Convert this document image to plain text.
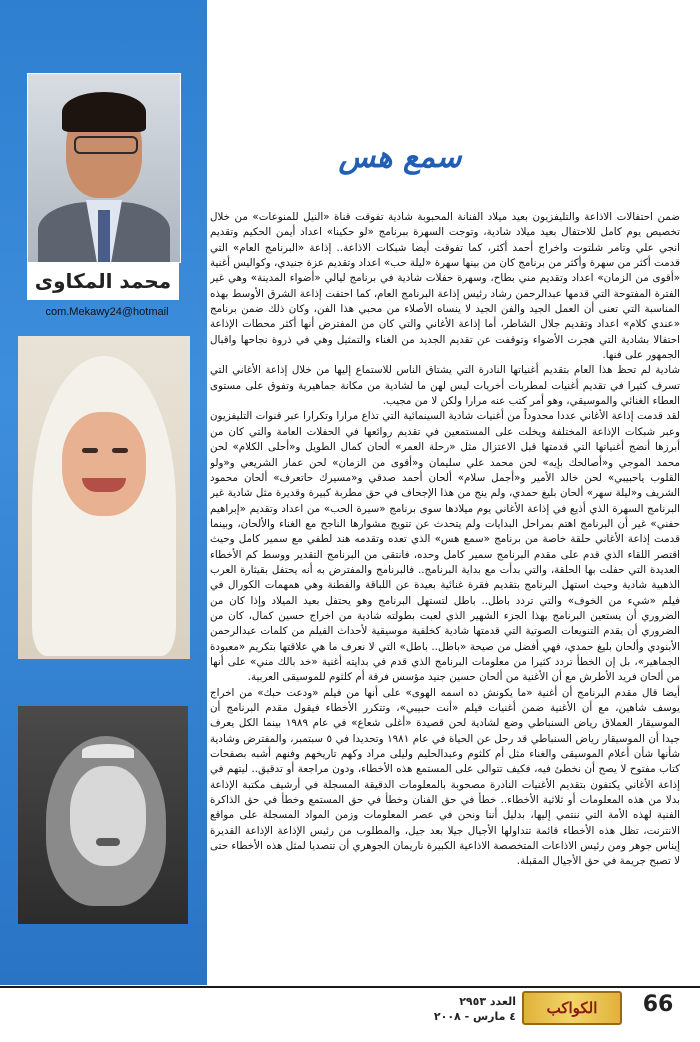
محمد المكاوى
com.Mekawy24@hotmail
سمع هس

ضمن احتفالات الاذاعة والتليفزيون بعيد ميلاد الفنانة المحبوبة شادية تفوقت قناة «النيل للمنوعات» من خلال تخصيص يوم كامل للاحتفال بعيد ميلاد شادية، وتوجت السهرة ببرنامج «لو حكينا» اعداد أيمن الحكيم وتقديم انجي علي وتامر شلتوت واخراج أحمد أكثر، كما تفوقت أيضا شبكات الاذاعة.. إذاعة «البرنامج العام» التي قدمت أكثر من سهرة وأكثر من برنامج كان من بينها سهرة «ليلة حب» اعداد وتقديم عزة جنيدي، وكواليس أغنية «أقوى من الزمان» اعداد وتقديم مني بطاح، وسهرة حفلات شادية في برنامج ليالي «أضواء المدينة» وهي غير الفترة المفتوحة التي قدمها عبدالرحمن رشاد رئيس إذاعة البرنامج العام، كما احتفت إذاعة الشرق الأوسط بهذه المناسبة التي تعنى أن العمل الجيد والفن الجيد لا ينساه الأصلاء من محبي هذا الفن، وكان ذلك ضمن برنامج «عندي كلام» اعداد وتقديم جلال الشاطر، أما إذاعة الأغاني والتي كان من المفترض أنها أكثر محطات الإذاعة احتفالا بشادية التي هجرت الأضواء وتوقفت عن تقديم الجديد من الغناء والتمثيل وهي في ذروة نجاحها واقبال الجمهور على فنها.

شادية لم تحظ هذا العام بتقديم أغنياتها النادرة التي يشتاق الناس للاستماع إليها من خلال إذاعة الأغاني التي تسرف كثيرا في تقديم أغنيات لمطربات أخريات ليس لهن ما لشادية من مكانة جماهيرية وتفوق على مستوى العطاء الغنائي والموسيقي، وهو أمر كتب عنه مرارا ولكن لا من مجيب.

لقد قدمت إذاعة الأغاني عددا محدوداً من أغنيات شادية السينمائية التي تذاع مرارا وتكرارا عبر قنوات التليفزيون وعبر شبكات الإذاعة المختلفة ويخلت على المستمعين في تقديم روائعها في الحفلات العامة والتي كان من أبرزها أنضج أغنياتها التي قدمتها قبل الاعتزال مثل «رحلة العمر» ألحان كمال الطويل و«أحلى الكلام» لحن محمد الموجي و«أصالحك بإيه» لحن محمد علي سليمان و«أقوى من الزمان» لحن عمار الشريعي و«ولو القلوب ياحبيبي» لحن خالد الأمير و«أجمل سلام» ألحان أحمد صدقي و«مسيرك حاتعرف» ألحان محمود الشريف و«ليلة سهر» ألحان بليغ حمدي، ولم ينج من هذا الإجحاف في حق مطربة كبيرة وقديرة مثل شادية غير البرنامج السهرة الذي أذيع في إذاعة الأغاني يوم ميلادها سوى برنامج «سيرة الحب» من اعداد وتقديم «إبراهيم حفني» غير أن البرنامج اهتم بمراحل البدايات ولم يتحدث عن تتويج مشوارها الناجح مع الغناء والألحان، وبينما قدمت إذاعة الأغاني حلقة خاصة من برنامج «سمع هس» الذي تعده وتقدمه هند لطفي مع سمير كامل وحيث اقتصر اللقاء الذي قدم على مقدم البرنامج سمير كامل وحده، فانتقى من البرنامج التقدير ووسط كم الأخطاء العديدة التي حفلت بها الحلقة، والتي بدأت مع بداية البرنامج.. فالبرنامج والمفترض به أنه يحتفل بقيثارة العرب الذهبية شادية وحيث استهل البرنامج بتقديم فقرة غنائية بعيدة عن اللباقة والفطنة وهي همهمات الكورال في فيلم «شيء من الخوف» والتي تردد باطل.. باطل لتستهل البرنامج وهو يحتفل بعيد الميلاد وإذا كان من الضروري أن يستعين البرنامج بهذا الجزء الشهير الذي لعبت بطولته شادية من اخراج حسين كمال، كان من الضروري أن يقدم التنويعات الصوتية التي قدمتها شادية كخلفية موسيقية لأحداث الفيلم من كلمات عبدالرحمن الأبنودي وألحان بليغ حمدي، فهي أفضل من صيحة «باطل.. باطل» التي لا نعرف ما هي علاقتها بتكريم «معبودة الجماهير»، بل إن الخطأ تردد كثيرا من معلومات البرنامج الذي قدم في بدايته أغنية «خد بالك مني» على أنها من ألحان فريد الأطرش مع أن الأغنية من ألحان حسين جنيد مؤسس فرقة أم كلثوم للموسيقى العربية.

أيضا قال مقدم البرنامج أن أغنية «ما يكونش ده اسمه الهوى» على أنها من فيلم «ودعت حبك» من اخراج يوسف شاهين، مع أن الأغنية ضمن أغنيات فيلم «أنت حبيبي»، وتتكرر الأخطاء فيقول مقدم البرنامج أن الموسيقار العملاق رياض السنباطي وضع لشادية لحن قصيدة «أغلى شعاع» في عام ١٩٨٩ بينما الكل يعرف جيدا أن الموسيقار رياض السنباطي قد رحل عن الحياة في عام ١٩٨١ وتحديدا في ٥ سبتمبر، والمفترض وشادية شأنها شأن أعلام الموسيقى والغناء مثل أم كلثوم وعبدالحليم وليلى مراد وكهم تاريخهم وفنهم أشبه بصفحات كتاب مفتوح لا يصح أن نخطئ فيه، فكيف تتوالى على المستمع هذه الأخطاء، ودون مراجعة أو تدقيق.. ليتهم في إذاعة الأغاني يكتفون بتقديم الأغنيات النادرة مصحوبة بالمعلومات الدقيقة المسجلة في أرشيف مكتبة الإذاعة بدلا من هذه المعلومات أو ثلاثية الأخطاء.. خطأ في حق الفنان وخطأ في حق المستمع وخطأ في حق الذاكرة الفنية لهذه الأمة التي ننتمي إليها، بدليل أننا ونحن في عصر المعلومات وزمن المواد المسجلة على مواقع الانترنت، تظل هذه الأخطاء قائمة تتداولها الأجيال جيلا بعد جيل، والمطلوب من رئيس الإذاعة الإذاعة القديرة إيناس جوهر ومن رئيس الاذاعات المتخصصة الاذاعية الكبيرة ناريمان الجوهري أن تتصديا لمثل هذه الأخطاء حتى لا تصبح جريمة في حق الأجيال المقبلة.

66
الكواكب
العدد ٢٩٥٣
٤ مارس - ٢٠٠٨
